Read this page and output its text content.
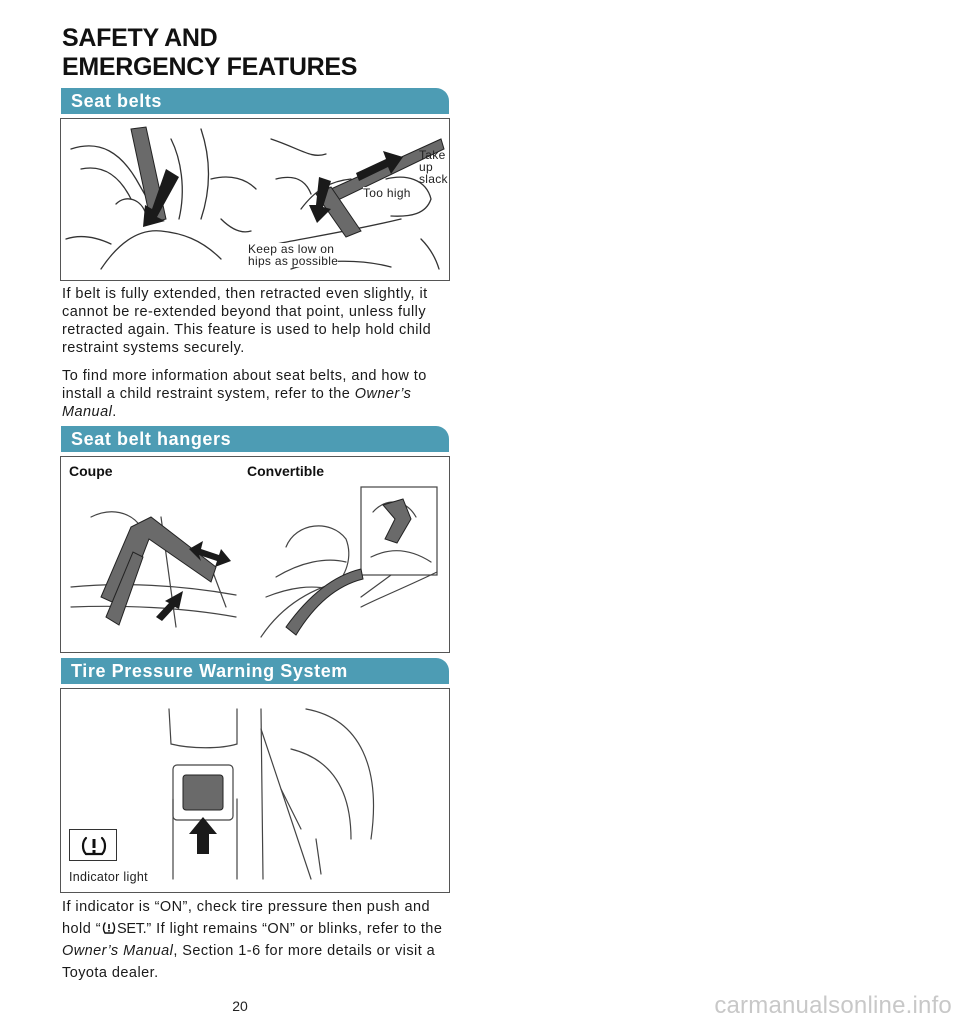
SAFETY AND
EMERGENCY FEATURES
Seat belts
Take up
slack
Too high
Keep as low on
hips as possible

If belt is fully extended, then retracted even slightly, it cannot be re-extended beyond that point, unless fully retracted again. This feature is used to help hold child restraint systems securely.

To find more information about seat belts, and how to install a child restraint system, refer to the Owner’s Manual.

Seat belt hangers
Coupe	Convertible
Tire Pressure Warning System
Indicator light

If indicator is “ON”, check tire pressure then push and hold “ SET.” If light remains “ON” or blinks, refer to the Owner’s Manual, Section 1-6 for more details or visit a Toyota dealer.

20	carmanualsonline.info
